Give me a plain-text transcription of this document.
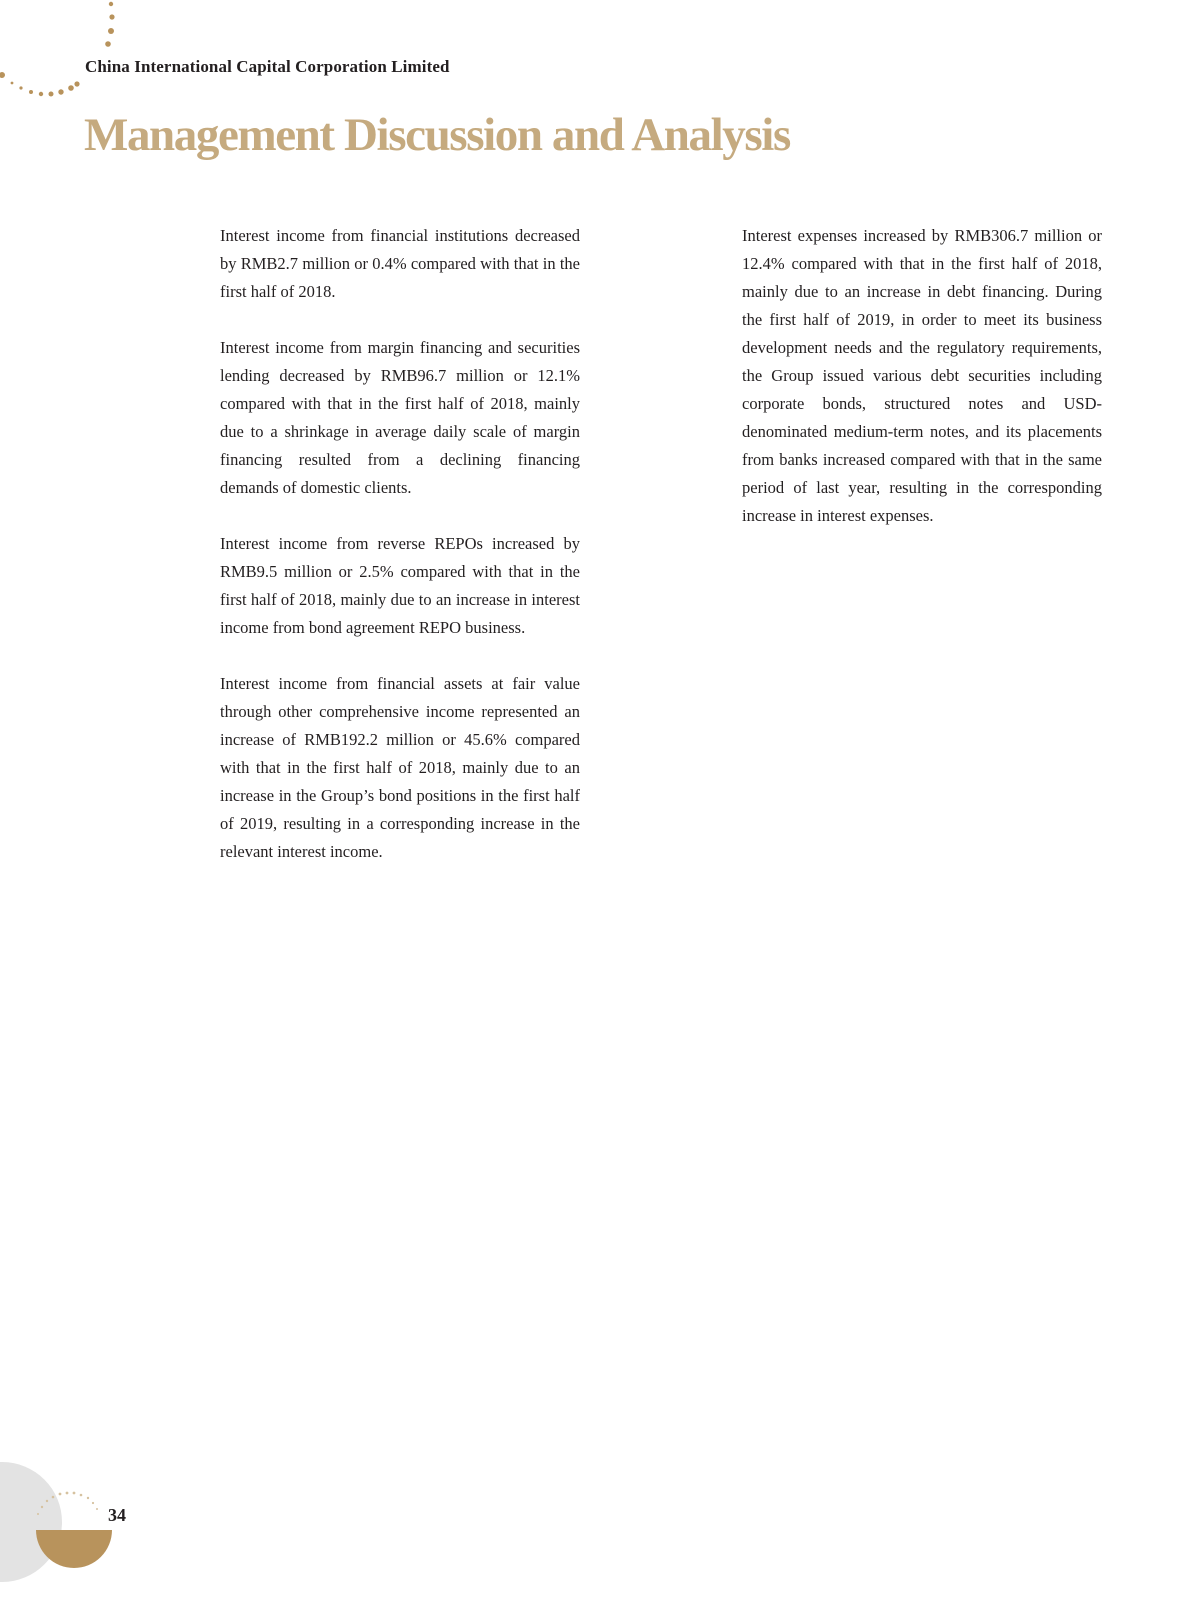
China International Capital Corporation Limited
Management Discussion and Analysis

Interest income from financial institutions decreased by RMB2.7 million or 0.4% compared with that in the first half of 2018.

Interest income from margin financing and securities lending decreased by RMB96.7 million or 12.1% compared with that in the first half of 2018, mainly due to a shrinkage in average daily scale of margin financing resulted from a declining financing demands of domestic clients.

Interest income from reverse REPOs increased by RMB9.5 million or 2.5% compared with that in the first half of 2018, mainly due to an increase in interest income from bond agreement REPO business.

Interest income from financial assets at fair value through other comprehensive income represented an increase of RMB192.2 million or 45.6% compared with that in the first half of 2018, mainly due to an increase in the Group’s bond positions in the first half of 2019, resulting in a corresponding increase in the relevant interest income.

Interest expenses increased by RMB306.7 million or 12.4% compared with that in the first half of 2018, mainly due to an increase in debt financing. During the first half of 2019, in order to meet its business development needs and the regulatory requirements, the Group issued various debt securities including corporate bonds, structured notes and USD-denominated medium-term notes, and its placements from banks increased compared with that in the same period of last year, resulting in the corresponding increase in interest expenses.

34
